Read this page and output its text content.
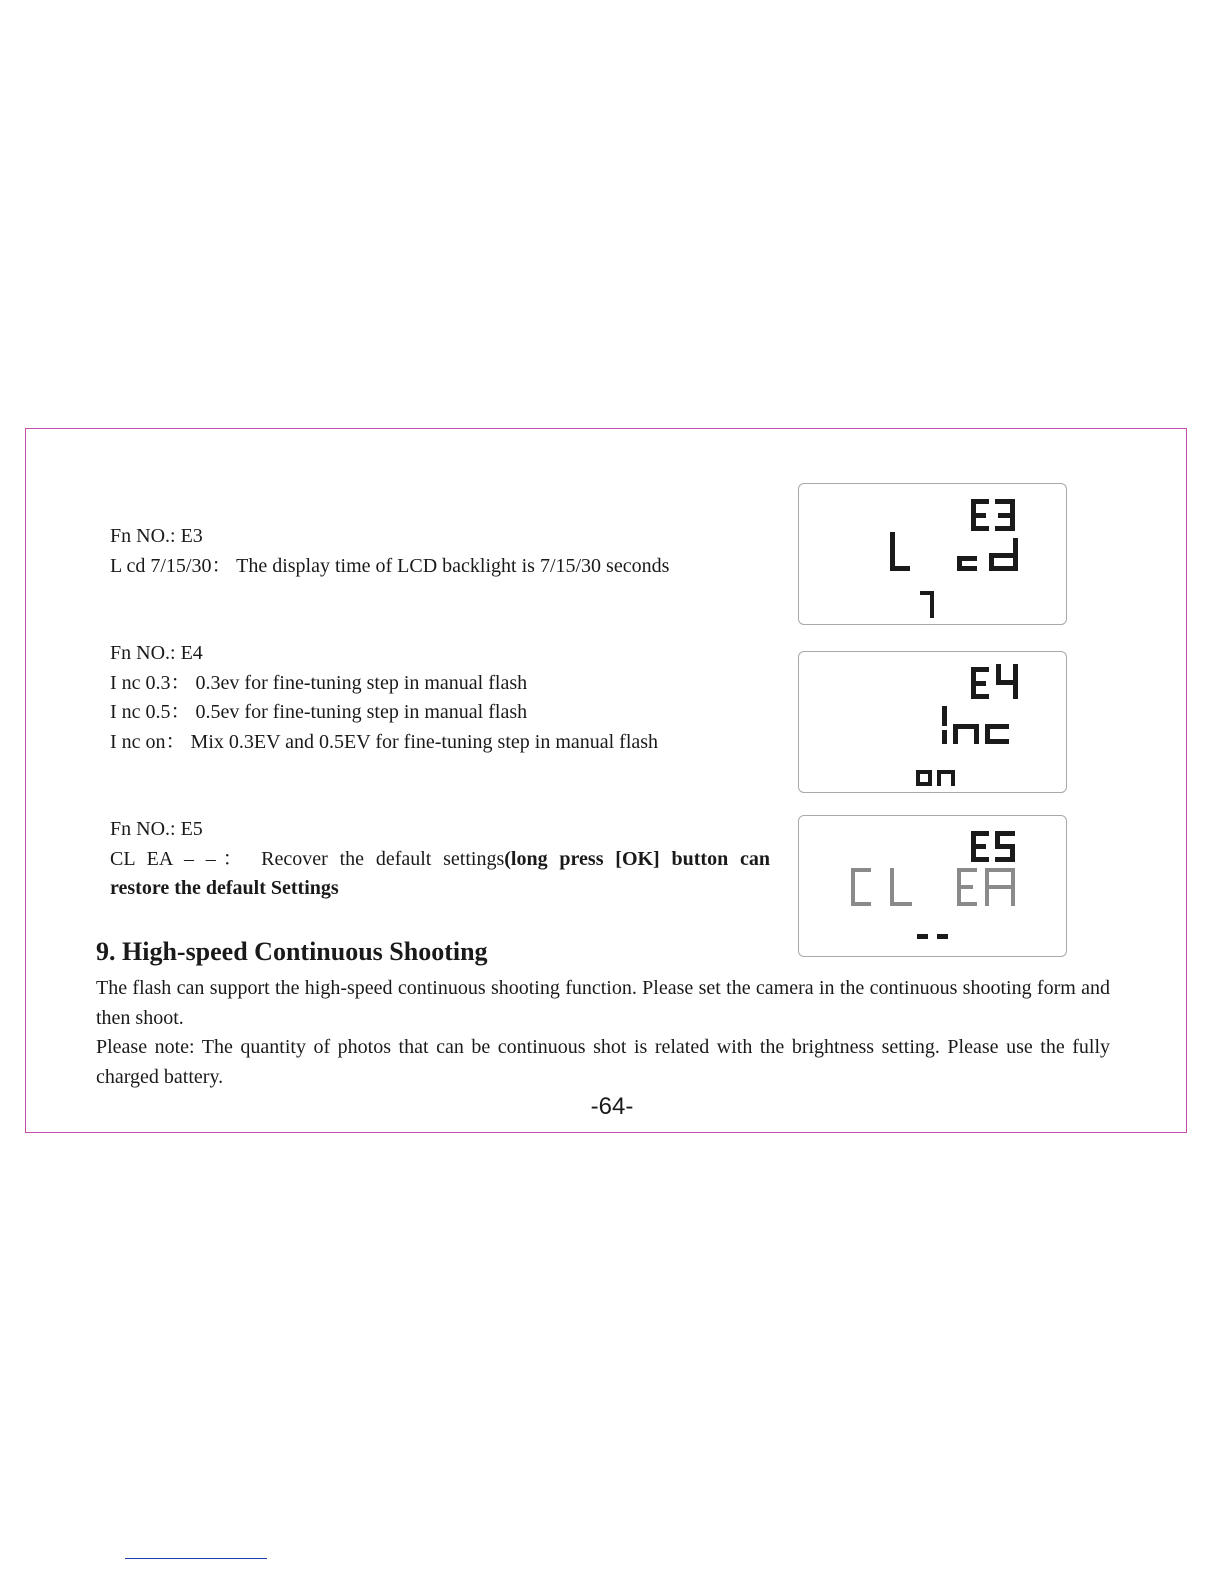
Fn NO.: E3

L cd 7/15/30： The display time of LCD backlight is 7/15/30 seconds

Fn NO.: E4

I nc 0.3： 0.3ev for fine-tuning step in manual flash

I nc 0.5： 0.5ev for fine-tuning step in manual flash

I nc on： Mix 0.3EV and 0.5EV for fine-tuning step in manual flash

Fn NO.: E5

CL EA – –： Recover the default settings(long press [OK] button can

restore the default Settings

9. High-speed Continuous Shooting

The flash can support the high-speed continuous shooting function. Please set the camera in the continuous shooting form and then shoot.

Please note: The quantity of photos that can be continuous shot is related with the brightness setting. Please use the fully charged battery.

-64-
